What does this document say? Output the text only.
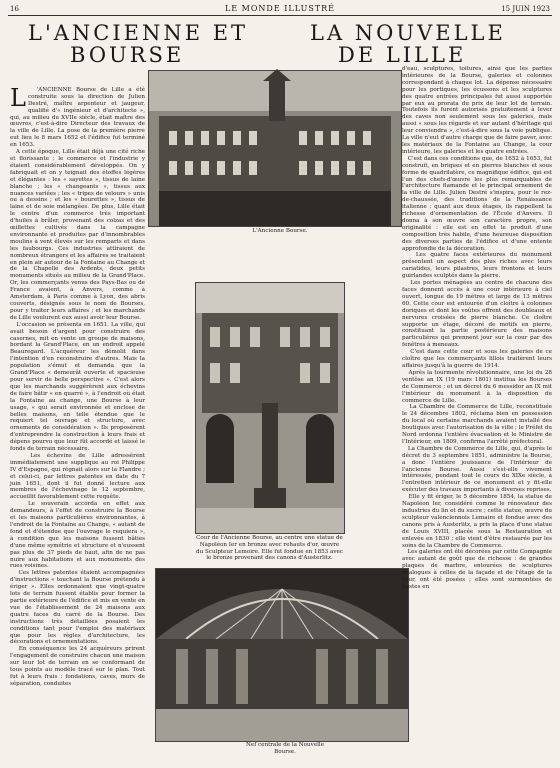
16	LE MONDE ILLUSTRÉ	15 JUIN 1923
L'ANCIENNE ET
BOURSE
LA NOUVELLE
DE LILLE
L'Ancienne Bourse.
Cour de l'Ancienne Bourse, au centre une statue de Napoléon Ier en bronze avec rehauts d'or, œuvre du Sculpteur Lemoire. Elle fut fondue en 1853 avec le bronze provenant des canons d'Austerlitz.
Nef centrale de la Nouvelle Bourse.

L 'ANCIENNE Bourse de Lille a été construite sous la direction de Julien Destré, maître arpenteur et jaugeur, qualifié d'« ingénieur et d'architecte », qui, au milieu du XVIIe siècle, était maître des œuvres, c'est-à-dire Directeur des travaux de la ville de Lille. La pose de la première pierre eut lieu le 8 mars 1652 et l'édifice fut terminé en 1653.
A cette époque, Lille était déjà une cité riche et florissante ; le commerce et l'industrie y étaient considérablement développés. On y fabriquait et on y teignait des étoffes légères et élégantes : les « sayettes », tissus de laine blanche ; les « changeants », tissus aux nuances variées ; les « tripes de velours » unis ou à dessins ; et les « bourettes », tissus de laine et de soie mélangées. De plus, Lille était le centre d'un commerce très important d'huiles à brûler, provenant des colzas et des œillettes cultivés dans la campagne environnante et produites par d'innombrables moulins à vent élevés sur les remparts et dans les faubourgs. Ces industries attiraient de nombreux étrangers et les affaires se traitaient en plein air autour de la Fontaine au Change et de la Chapelle des Ardents, deux petits monuments situés au milieu de la Grand'Place. Or, les commerçants venus des Pays-Bas ou de France avaient, à Anvers, comme à Amsterdam, à Paris comme à Lyon, des abris couverts, désignés sous le nom de Bourses, pour y traiter leurs affaires ; et les marchands de Lille voulurent eux aussi avoir leur Bourse.
L'occasion se présenta en 1651. La ville, qui avait besoin d'argent pour construire des casernes, mit en vente un groupe de maisons, bordant la Grand'Place, en un endroit appelé Beauregard. L'acquéreur les démolit dans l'intention d'en reconstruire d'autres. Mais la population s'émut et demanda que la Grand'Place « demeurât ouverte et spacieuse pour servir de belle perspective ». C'est alors que les marchands suggérèrent aux échevins de faire bâtir « en quarré », à l'endroit où était la Fontaine au change, une Bourse à leur usage, « qui serait environnée et enclose de belles maisons, en telle étendue que le requiert tel ouvrage et structure, avec ornements de considération ». Ils proposèrent d'entreprendre la construction à leurs frais et dépens pourvu que leur fût accordé et laissé le fonds de terrain nécessaire.
Les échevins de Lille adressèrent immédiatement une supplique au roi Philippe IV d'Espagne, qui régnait alors sur la Flandre ; et celui-ci, par lettres patentes en date du 7 juin 1651, dont il fut donné lecture aux membres de l'échevinage le 12 septembre, accueillit favorablement cette requête.
Le souverain accorda en effet aux demandeurs, à l'effet de construire la Bourse et les maisons particulières environnantes, à l'endroit de la Fontaine au Change, « autant de fond et d'étendue que l'ouvrage le requiera », à condition que les maisons fussent bâties d'une même symétrie et structure et n'eussent pas plus de 37 pieds de haut, afin de ne pas nuire aux habitations et aux monuments des rues voisines.
Ces lettres patentes étaient accompagnées d'instructions « touchant la Bourse prétendu à ériger ». Elles ordonnaient que vingt-quatre lots de terrain fussent établis pour former la partie extérieure de l'édifice et mis en vente en vue de l'établissement de 24 maisons aux quatre faces du carré de la Bourse. Des instructions très détaillées posaient les conditions tant pour l'emploi des matériaux que pour les règles d'architecture, les décorations et ornementations.
En conséquence les 24 acquéreurs prirent l'engagement de construire chacun une maison sur leur lot de terrain en se conformant de tous points au modèle tracé sur le plan. Tout fut à leurs frais : fondations, caves, murs de séparation, conduites

d'eau, sculptures, toitures, ainsi que les parties intérieures de la Bourse, galeries et colonnes correspondant à chaque lot. La dépense nécessaire pour les portiques, les écussons et les sculptures des quatre entrées principales fut aussi supportée par eux au prorata du prix de leur lot de terrain. Toutefois ils furent autorisés gratuitement à lever des caves non seulement sous les galeries, mais aussi « sous les régards et sur autant d'héritage qui leur conviendra », c'est-à-dire sous la voie publique. La ville n'eut d'autre charge que de faire paver, avec les matériaux de la Fontaine au Change, la cour intérieure, les galeries et les quatre entrées.
C'est dans ces conditions que, de 1652 à 1653, fut construit, en briques et en pierres blanches et sous forme de quadrilatère, ce magnifique édifice, qui est l'un des chefs-d'œuvre les plus remarquables de l'architecture flamande et le principal ornement de la ville de Lille. Julien Destré s'inspira, pour le rez-de-chaussée, des traditions de la Renaissance italienne ; quant aux deux étages, ils rappellent la richesse d'ornementation de l'École d'Anvers. Il donna à son œuvre son caractère propre, son originalité : elle est en effet le produit d'une composition très habile, d'une heureuse disposition des diverses parties de l'édifice et d'une entente approfondie de la décoration.
Les quatre faces extérieures du monument présentent un aspect des plus riches avec leurs cariatides, leurs pilastres, leurs frontons et leurs guirlandes sculptés dans la pierre.
Les portes ménagées au centre de chacune des faces donnent accès à une cour intérieure à ciel ouvert, longue de 19 mètres et large de 13 mètres 60. Cette cour est entourée d'un cloître à colonnes doriques et dont les voûtes offrent des doubleaux et nervures croisées de pierre blanche. Ce cloître supporte un étage, décoré de motifs en pierre, constituant la partie postérieure des maisons particulières qui prennent jour sur la cour par des fenêtres à meneaux.
C'est dans cette cour et sous les galeries de ce cloître que les commerçants lillois traitèrent leurs affaires jusqu'à la guerre de 1914.
Après la tourmente révolutionnaire, une loi du 28 ventôse an IX (19 mars 1801) institua les Bourses de Commerce ; et un décret du 6 messidor an IX mit l'intérieur du monument à la disposition du commerce de Lille.
La Chambre de Commerce de Lille, reconstituée le 24 décembre 1802, réclama bien en possession du local où certains marchands avaient installé des boutiques avec l'autorisation de la ville ; le Préfet du Nord ordonna l'entière évacuation et le Ministre de l'Intérieur, en 1809, confirma l'arrêté préfectoral.
La Chambre de Commerce de Lille, qui, d'après le décret du 3 septembre 1851, administre la Bourse, a donc l'entière jouissance de l'intérieur de l'ancienne Bourse. Aussi s'est-elle vivement intéressée, pendant tout le cours du XIXe siècle, à l'entretien intérieur de ce monument et y fit-elle exécuter des travaux importants à diverses reprises.
Elle y fit ériger, le 5 décembre 1854, la statue de Napoléon Ier, considéré comme le rénovateur des industries du lin et du sucre ; cette statue, œuvre du sculpteur valenciennois Lemaire et fondue avec des canons pris à Austerlitz, a pris la place d'une statue de Louis XVIII, placée sous la Restauration et enlevée en 1830 ; elle vient d'être restaurée par les soins de la Chambre de Commerce.
Les galeries ont été décorées par cette Compagnie avec autant de goût que de richesse : de grandes plaques de marbre, entourées de sculptures analogues à celles de la façade et de l'étage de la cour, ont été posées ; elles sont surmontées de bustes en
